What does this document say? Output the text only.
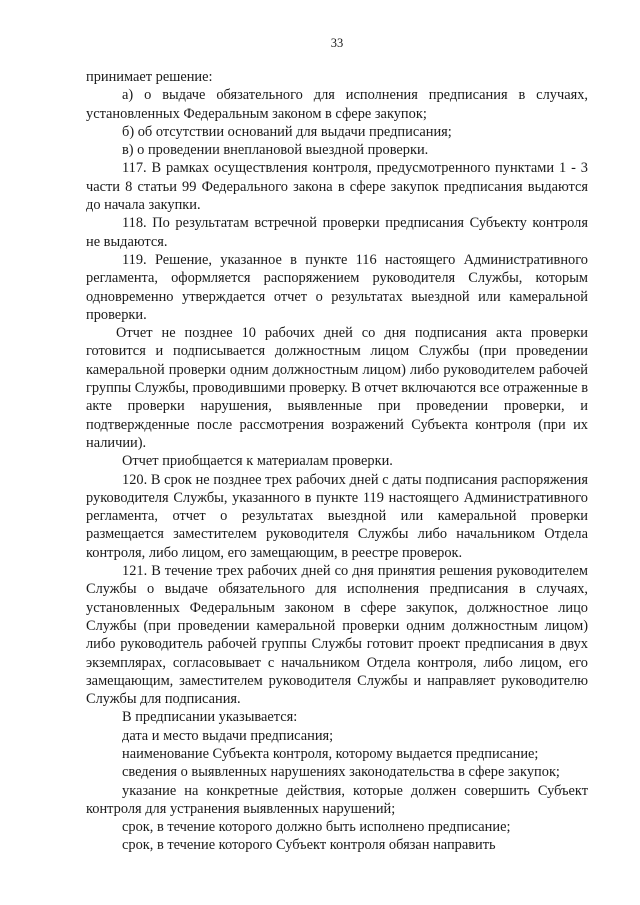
33

принимает решение:

а) о выдаче обязательного для исполнения предписания в случаях, установленных Федеральным законом в сфере закупок;

б) об отсутствии оснований для выдачи предписания;

в) о проведении внеплановой выездной проверки.

117. В рамках осуществления контроля, предусмотренного пунктами 1 - 3 части 8 статьи 99 Федерального закона в сфере закупок предписания выдаются до начала закупки.

118. По результатам встречной проверки предписания Субъекту контроля не выдаются.

119. Решение, указанное в пункте 116 настоящего Административного регламента, оформляется распоряжением руководителя Службы, которым одновременно утверждается отчет о результатах выездной или камеральной проверки.

Отчет не позднее 10 рабочих дней со дня подписания акта проверки готовится и подписывается должностным лицом Службы (при проведении камеральной проверки одним должностным лицом) либо руководителем рабочей группы Службы, проводившими проверку. В отчет включаются все отраженные в акте проверки нарушения, выявленные при проведении проверки, и подтвержденные после рассмотрения возражений Субъекта контроля (при их наличии).

Отчет приобщается к материалам проверки.

120. В срок не позднее трех рабочих дней с даты подписания распоряжения руководителя Службы, указанного в пункте 119 настоящего Административного регламента, отчет о результатах выездной или камеральной проверки размещается заместителем руководителя Службы либо начальником Отдела контроля, либо лицом, его замещающим, в реестре проверок.

121. В течение трех рабочих дней со дня принятия решения руководителем Службы о выдаче обязательного для исполнения предписания в случаях, установленных Федеральным законом в сфере закупок, должностное лицо Службы (при проведении камеральной проверки одним должностным лицом) либо руководитель рабочей группы Службы готовит проект предписания в двух экземплярах, согласовывает с начальником Отдела контроля, либо лицом, его замещающим, заместителем руководителя Службы и направляет руководителю Службы для подписания.

В предписании указывается:

дата и место выдачи предписания;

наименование Субъекта контроля, которому выдается предписание;

сведения о выявленных нарушениях законодательства в сфере закупок;

указание на конкретные действия, которые должен совершить Субъект контроля для устранения выявленных нарушений;

срок, в течение которого должно быть исполнено предписание;

срок, в течение которого Субъект контроля обязан направить
